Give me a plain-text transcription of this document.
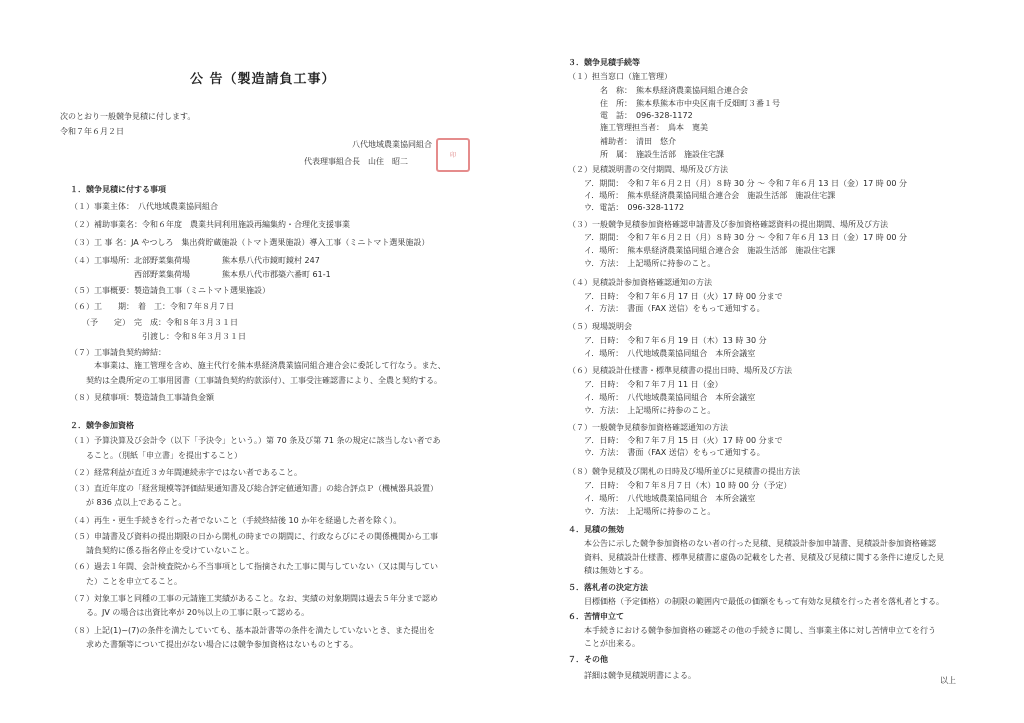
公 告（製造請負工事）
次のとおり一般競争見積に付します。
令和７年６月２日
八代地域農業協同組合
代表理事組合長　山住　昭二
印
１．競争見積に付する事項
（１）事業主体：　八代地域農業協同組合
（２）補助事業名：令和６年度　農業共同利用施設再編集約・合理化支援事業
（３）工 事 名：JA やつしろ　集出荷貯蔵施設（トマト選果施設）導入工事（ミニトマト選果施設）
（４）工事場所：北部野菜集荷場　　　　熊本県八代市鏡町鏡村 247
　　　　　　　　西部野菜集荷場　　　　熊本県八代市郡築六番町 61-1
（５）工事概要：製造請負工事（ミニトマト選果施設）
（６）工　　期：　着　工：令和７年８月７日
　　（予　　定）　完　成：令和８年３月３１日
　　　　　　　　　引渡し：令和８年３月３１日
（７）工事請負契約締結：
　　　本事業は、施工管理を含め、施主代行を熊本県経済農業協同組合連合会に委託して行なう。また、
　　契約は全農所定の工事用図書（工事請負契約約款添付）、工事受注確認書により、全農と契約する。
（８）見積事項：製造請負工事請負金額
２．競争参加資格
（１）予算決算及び会計令（以下「予決令」という。）第 70 条及び第 71 条の規定に該当しない者であ
　　ること。（別紙「申立書」を提出すること）
（２）経常利益が直近３カ年間連続赤字ではない者であること。
（３）直近年度の「経営規模等評価結果通知書及び総合評定値通知書」の総合評点Ｐ（機械器具設置）
　　が 836 点以上であること。
（４）再生・更生手続きを行った者でないこと（手続終結後 10 か年を経過した者を除く）。
（５）申請書及び資料の提出期限の日から開札の時までの期間に、行政ならびにその関係機関から工事
　　請負契約に係る指名停止を受けていないこと。
（６）過去１年間、会計検査院から不当事項として指摘された工事に関与していない（又は関与してい
　　た）ことを申立てること。
（７）対象工事と同種の工事の元請施工実績があること。なお、実績の対象期間は過去５年分まで認め
　　る。JV の場合は出資比率が 20％以上の工事に限って認める。
（８）上記(1)~(7)の条件を満たしていても、基本設計書等の条件を満たしていないとき、また提出を
　　求めた書類等について提出がない場合には競争参加資格はないものとする。
３．競争見積手続等
（１）担当窓口（施工管理）
　　　　名　称：　熊本県経済農業協同組合連合会
　　　　住　所：　熊本県熊本市中央区南千反畑町３番１号
　　　　電　話：　096-328-1172
　　　　施工管理担当者：　鳥本　寛美
　　　　補助者：　清田　悠介
　　　　所　属：　施設生活部　施設住宅課
（２）見積説明書の交付期間、場所及び方法
　　ア．期間：　令和７年６月２日（月）８時 30 分 ～ 令和７年６月 13 日（金）17 時 00 分
　　イ．場所：　熊本県経済農業協同組合連合会　施設生活部　施設住宅課
　　ウ．電話：　096-328-1172
（３）一般競争見積参加資格確認申請書及び参加資格確認資料の提出期間、場所及び方法
　　ア．期間：　令和７年６月２日（月）８時 30 分 ～ 令和７年６月 13 日（金）17 時 00 分
　　イ．場所：　熊本県経済農業協同組合連合会　施設生活部　施設住宅課
　　ウ．方法：　上記場所に持参のこと。
（４）見積設計参加資格確認通知の方法
　　ア．日時：　令和７年６月 17 日（火）17 時 00 分まで
　　イ．方法：　書面（FAX 送信）をもって通知する。
（５）現場説明会
　　ア．日時：　令和７年６月 19 日（木）13 時 30 分
　　イ．場所：　八代地域農業協同組合　本所会議室
（６）見積設計仕様書・標準見積書の提出日時、場所及び方法
　　ア．日時：　令和７年７月 11 日（金）
　　イ．場所：　八代地域農業協同組合　本所会議室
　　ウ．方法：　上記場所に持参のこと。
（７）一般競争見積参加資格確認通知の方法
　　ア．日時：　令和７年７月 15 日（火）17 時 00 分まで
　　ウ．方法：　書面（FAX 送信）をもって通知する。
（８）競争見積及び開札の日時及び場所並びに見積書の提出方法
　　ア．日時：　令和７年８月７日（木）10 時 00 分（予定）
　　イ．場所：　八代地域農業協同組合　本所会議室
　　ウ．方法：　上記場所に持参のこと。
４．見積の無効
　　本公告に示した競争参加資格のない者の行った見積、見積設計参加申請書、見積設計参加資格確認
　　資料、見積設計仕様書、標準見積書に虚偽の記載をした者、見積及び見積に関する条件に違反した見
　　積は無効とする。
５．落札者の決定方法
　　目標価格（予定価格）の制限の範囲内で最低の価額をもって有効な見積を行った者を落札者とする。
６．苦情申立て
　　本手続きにおける競争参加資格の確認その他の手続きに関し、当事業主体に対し苦情申立てを行う
　　ことが出来る。
７．その他
　　詳細は競争見積説明書による。
以上
